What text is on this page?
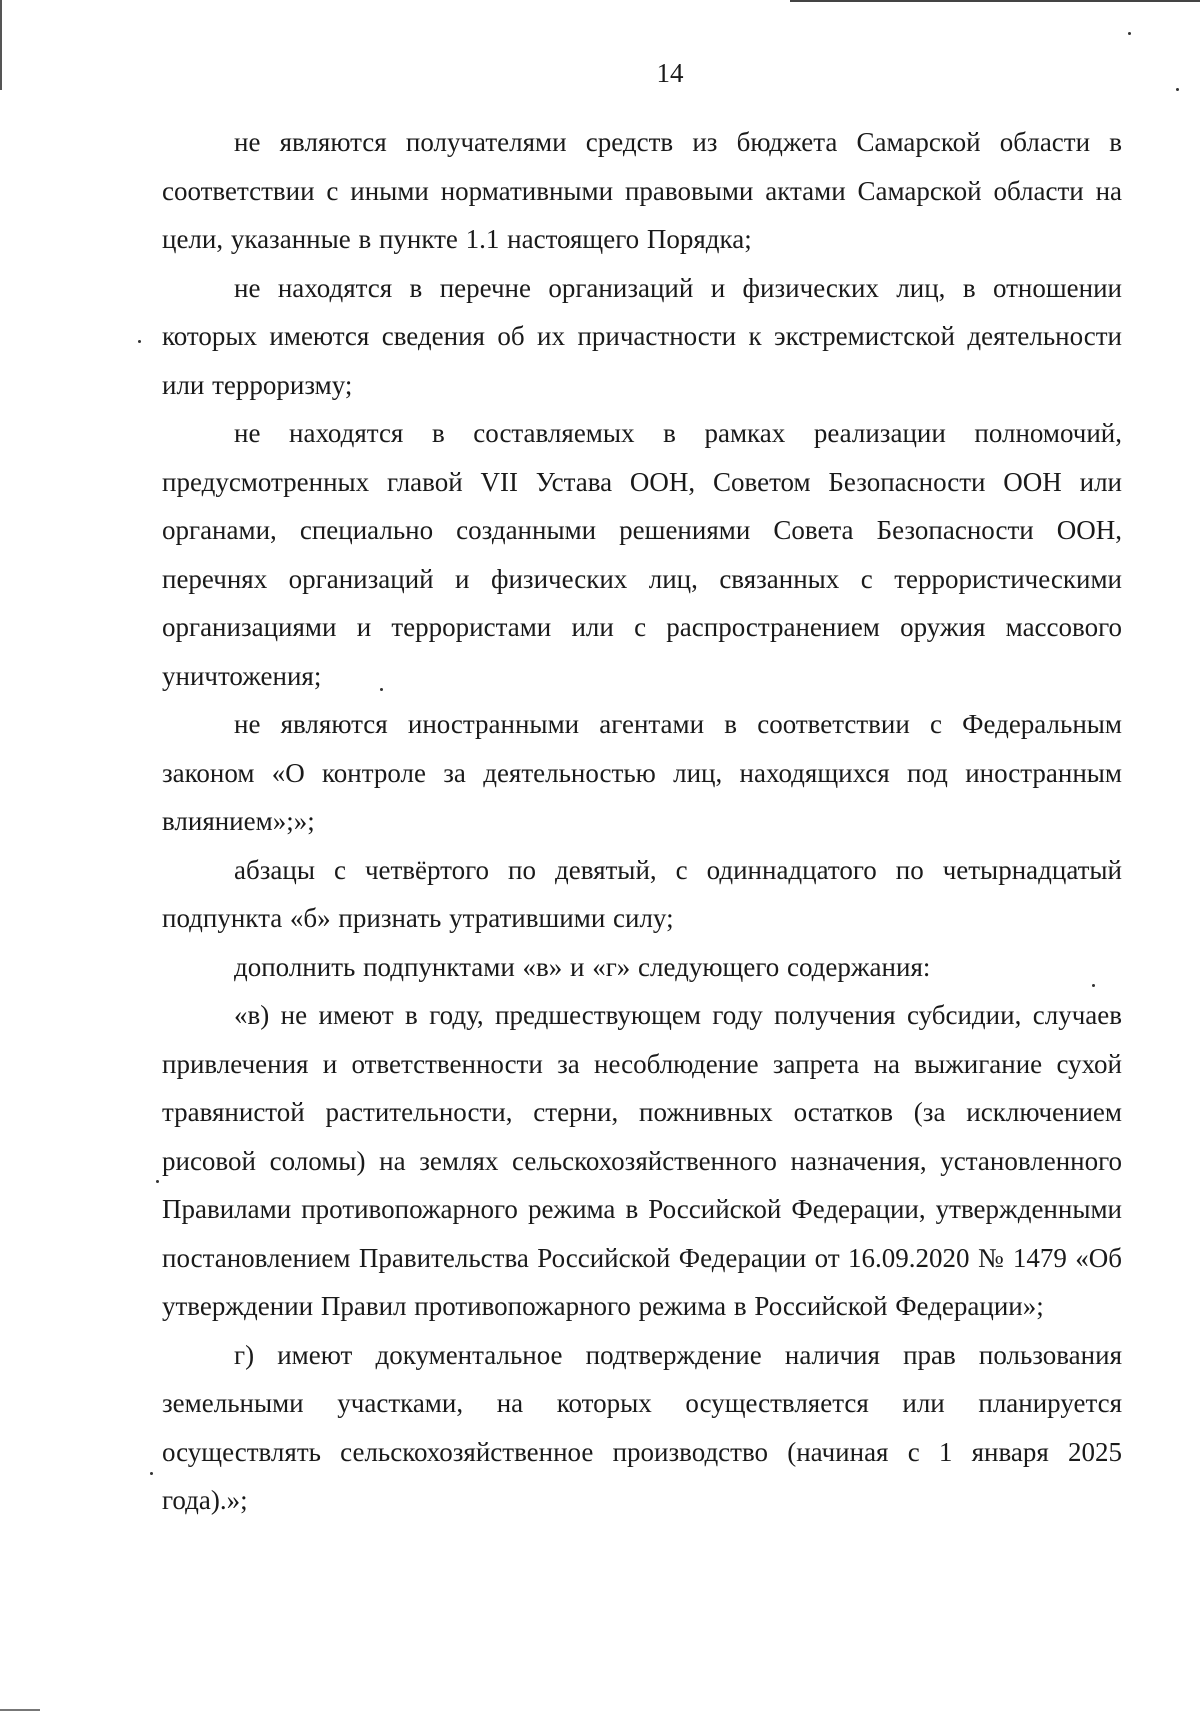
14

не являются получателями средств из бюджета Самарской области в соответствии с иными нормативными правовыми актами Самарской области на цели, указанные в пункте 1.1 настоящего Порядка;

не находятся в перечне организаций и физических лиц, в отношении которых имеются сведения об их причастности к экстремистской деятельности или терроризму;

не находятся в составляемых в рамках реализации полномочий, предусмотренных главой VII Устава ООН, Советом Безопасности ООН или органами, специально созданными решениями Совета Безопасности ООН, перечнях организаций и физических лиц, связанных с террористическими организациями и террористами или с распространением оружия массового уничтожения;

не являются иностранными агентами в соответствии с Федеральным законом «О контроле за деятельностью лиц, находящихся под иностранным влиянием»;»;

абзацы с четвёртого по девятый, с одиннадцатого по четырнадцатый подпункта «б» признать утратившими силу;

дополнить подпунктами «в» и «г» следующего содержания:

«в) не имеют в году, предшествующем году получения субсидии, случаев привлечения и ответственности за несоблюдение запрета на выжигание сухой травянистой растительности, стерни, пожнивных остатков (за исключением рисовой соломы) на землях сельскохозяйственного назначения, установленного Правилами противопожарного режима в Российской Федерации, утвержденными постановлением Правительства Российской Федерации от 16.09.2020 № 1479 «Об утверждении Правил противопожарного режима в Российской Федерации»;

г) имеют документальное подтверждение наличия прав пользования земельными участками, на которых осуществляется или планируется осуществлять сельскохозяйственное производство (начиная с 1 января 2025 года).»;
